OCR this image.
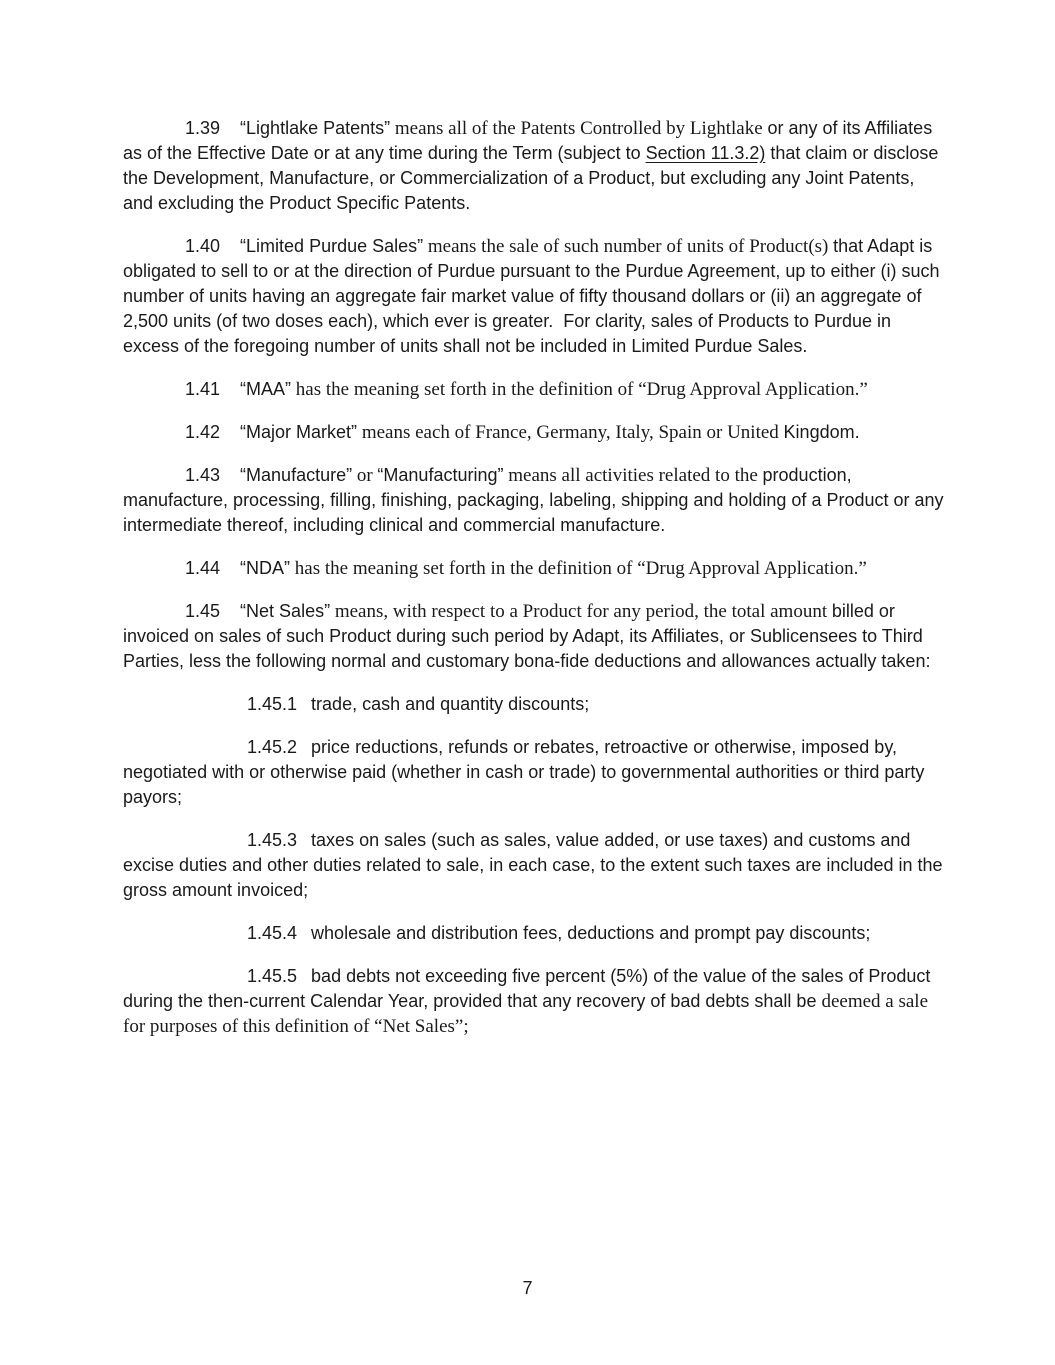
1.39 “Lightlake Patents” means all of the Patents Controlled by Lightlake or any of its Affiliates as of the Effective Date or at any time during the Term (subject to Section 11.3.2) that claim or disclose the Development, Manufacture, or Commercialization of a Product, but excluding any Joint Patents, and excluding the Product Specific Patents.

1.40 “Limited Purdue Sales” means the sale of such number of units of Product(s) that Adapt is obligated to sell to or at the direction of Purdue pursuant to the Purdue Agreement, up to either (i) such number of units having an aggregate fair market value of fifty thousand dollars or (ii) an aggregate of 2,500 units (of two doses each), which ever is greater.  For clarity, sales of Products to Purdue in excess of the foregoing number of units shall not be included in Limited Purdue Sales.

1.41 “MAA” has the meaning set forth in the definition of “Drug Approval Application.”

1.42 “Major Market” means each of France, Germany, Italy, Spain or United Kingdom.

1.43 “Manufacture” or “Manufacturing” means all activities related to the production, manufacture, processing, filling, finishing, packaging, labeling, shipping and holding of a Product or any intermediate thereof, including clinical and commercial manufacture.

1.44 “NDA” has the meaning set forth in the definition of “Drug Approval Application.”

1.45 “Net Sales” means, with respect to a Product for any period, the total amount billed or invoiced on sales of such Product during such period by Adapt, its Affiliates, or Sublicensees to Third Parties, less the following normal and customary bona-fide deductions and allowances actually taken:

1.45.1 trade, cash and quantity discounts;

1.45.2 price reductions, refunds or rebates, retroactive or otherwise, imposed by, negotiated with or otherwise paid (whether in cash or trade) to governmental authorities or third party payors;

1.45.3 taxes on sales (such as sales, value added, or use taxes) and customs and excise duties and other duties related to sale, in each case, to the extent such taxes are included in the gross amount invoiced;

1.45.4 wholesale and distribution fees, deductions and prompt pay discounts;

1.45.5 bad debts not exceeding five percent (5%) of the value of the sales of Product during the then-current Calendar Year, provided that any recovery of bad debts shall be deemed a sale for purposes of this definition of “Net Sales”;

7
